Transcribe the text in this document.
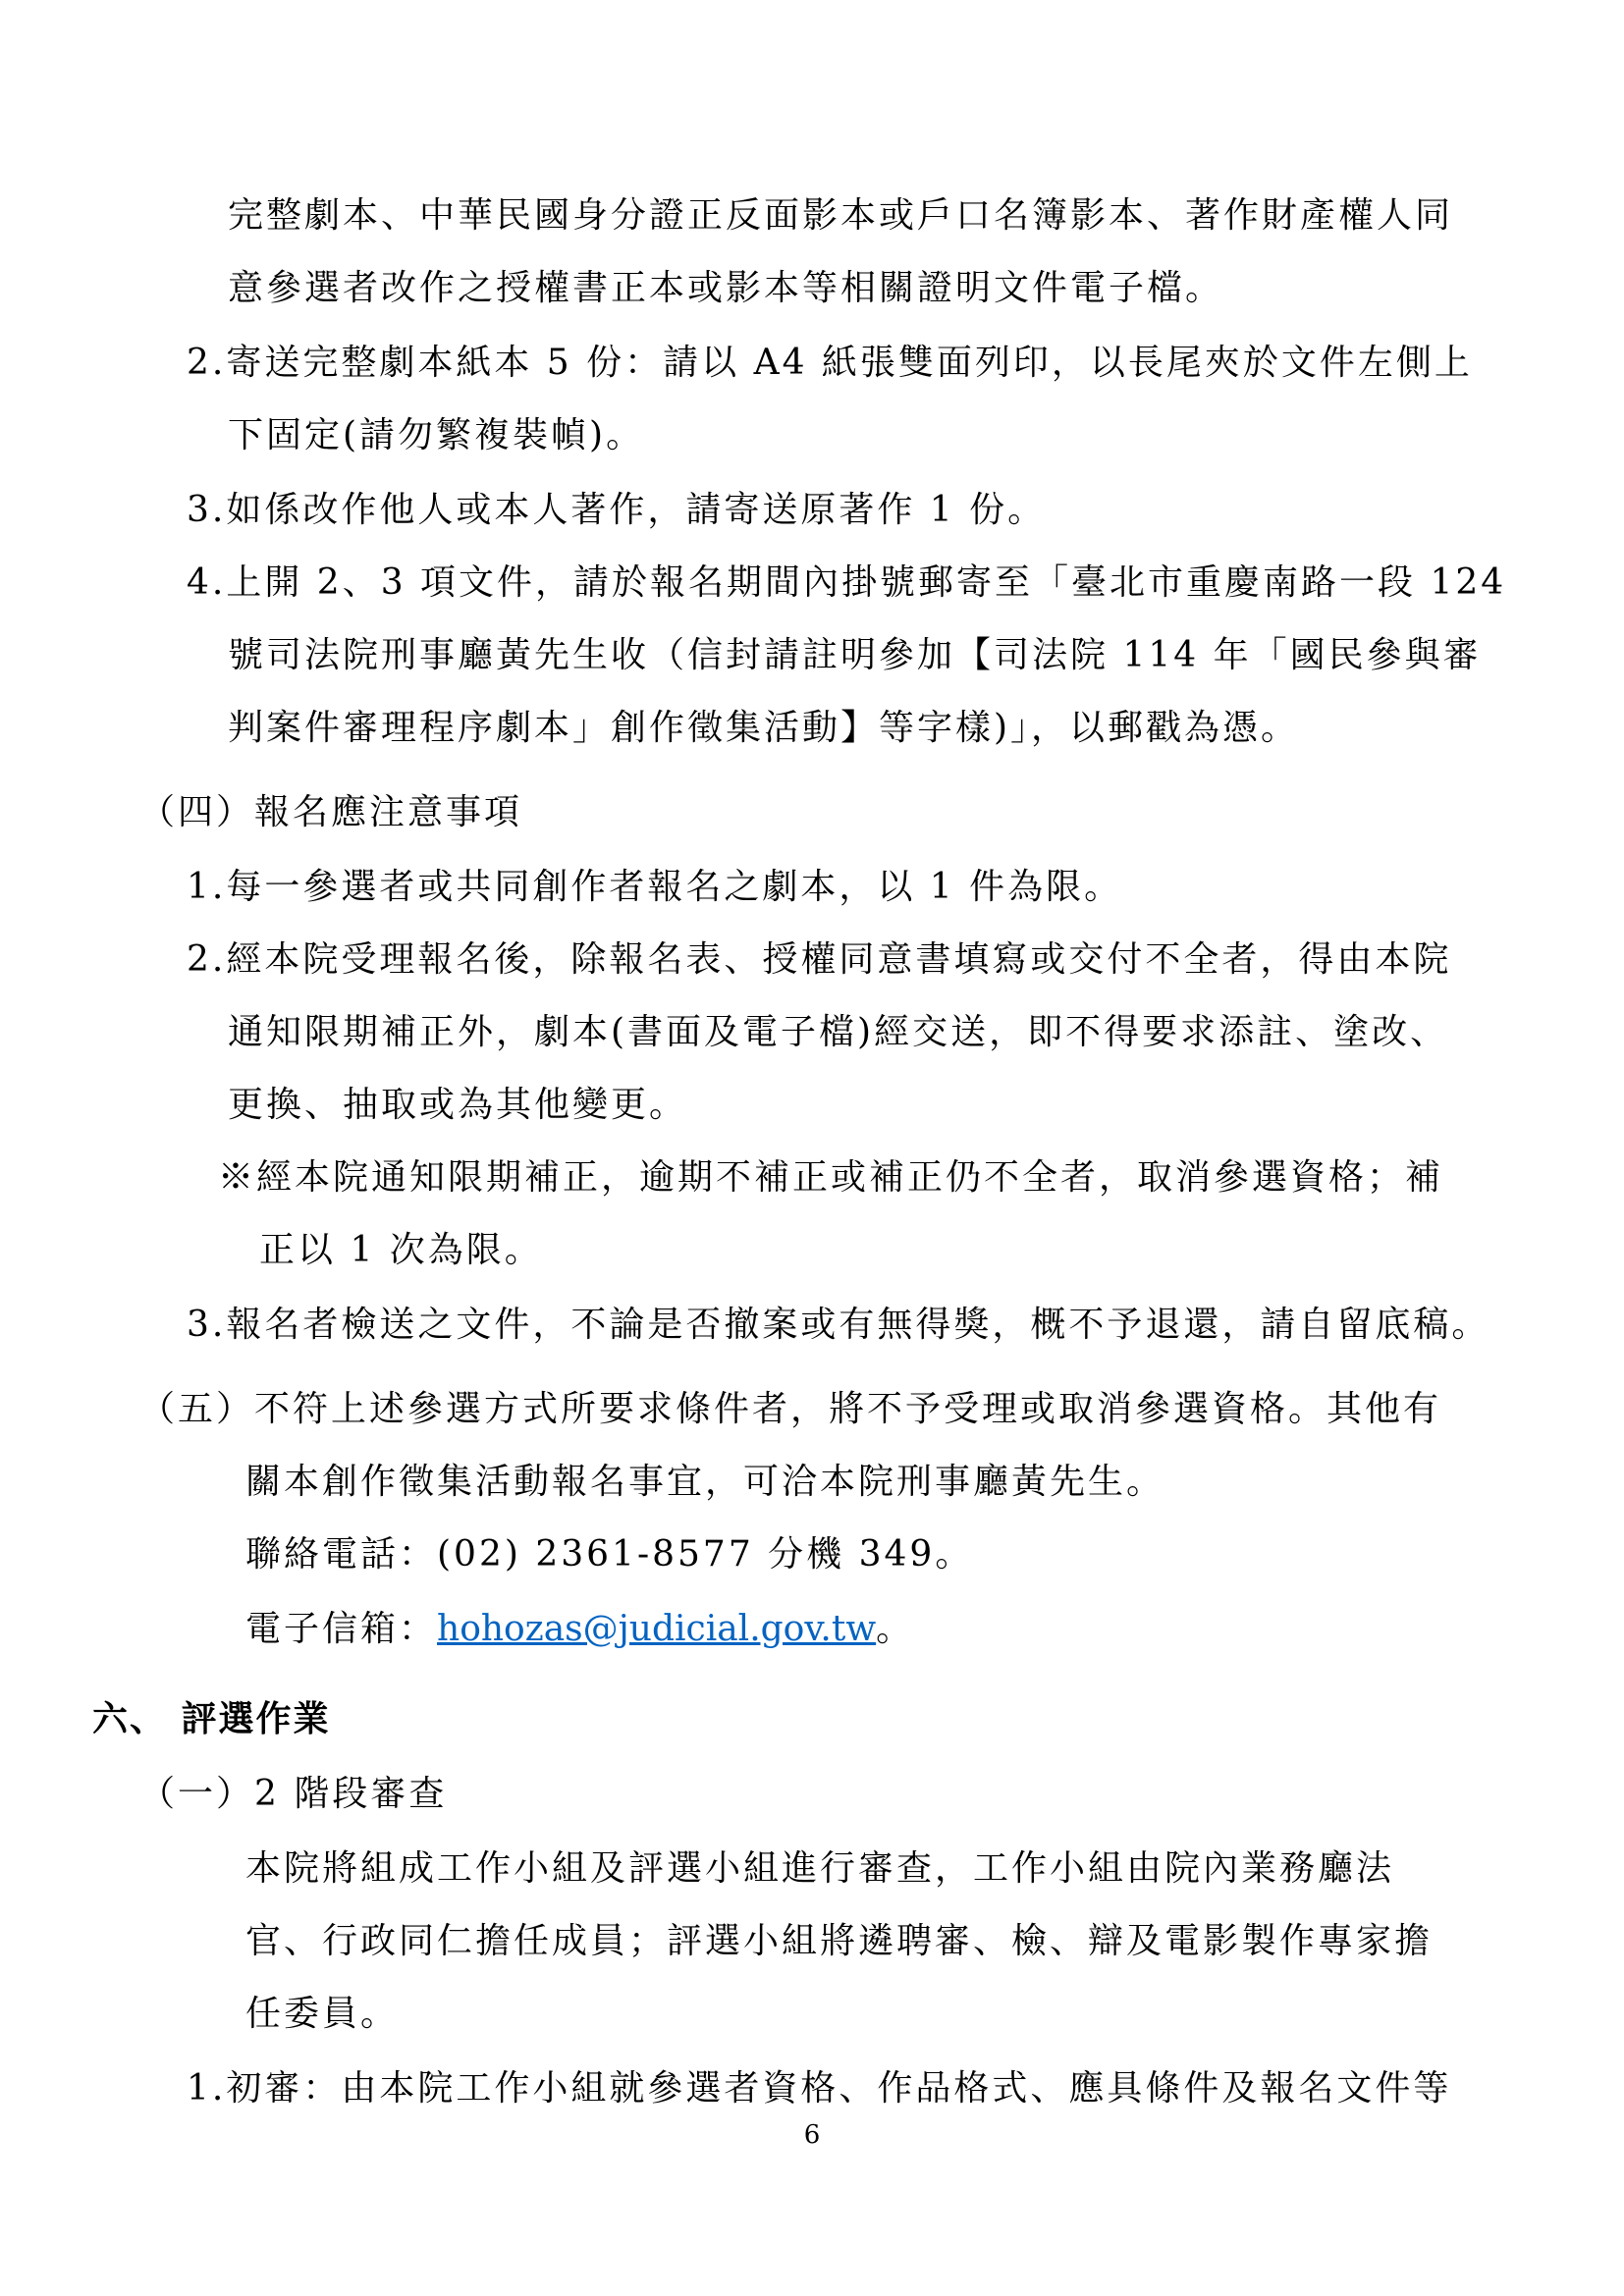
完整劇本、中華民國身分證正反面影本或戶口名簿影本、著作財產權人同
意參選者改作之授權書正本或影本等相關證明文件電子檔。
2.寄送完整劇本紙本 5 份：請以 A4 紙張雙面列印，以長尾夾於文件左側上
下固定(請勿繁複裝幀)。
3.如係改作他人或本人著作，請寄送原著作 1 份。
4.上開 2、3 項文件，請於報名期間內掛號郵寄至「臺北市重慶南路一段 124
號司法院刑事廳黃先生收（信封請註明參加【司法院 114 年「國民參與審
判案件審理程序劇本」創作徵集活動】等字樣)」，以郵戳為憑。
（四）報名應注意事項
1.每一參選者或共同創作者報名之劇本，以 1 件為限。
2.經本院受理報名後，除報名表、授權同意書填寫或交付不全者，得由本院
通知限期補正外，劇本(書面及電子檔)經交送，即不得要求添註、塗改、
更換、抽取或為其他變更。
※經本院通知限期補正，逾期不補正或補正仍不全者，取消參選資格；補
正以 1 次為限。
3.報名者檢送之文件，不論是否撤案或有無得獎，概不予退還，請自留底稿。
（五）不符上述參選方式所要求條件者，將不予受理或取消參選資格。其他有
關本創作徵集活動報名事宜，可洽本院刑事廳黃先生。
聯絡電話：(02) 2361-8577 分機 349。
電子信箱：hohozas@judicial.gov.tw。
六、 評選作業
（一）2 階段審查
本院將組成工作小組及評選小組進行審查，工作小組由院內業務廳法
官、行政同仁擔任成員；評選小組將遴聘審、檢、辯及電影製作專家擔
任委員。
1.初審：由本院工作小組就參選者資格、作品格式、應具條件及報名文件等
6
